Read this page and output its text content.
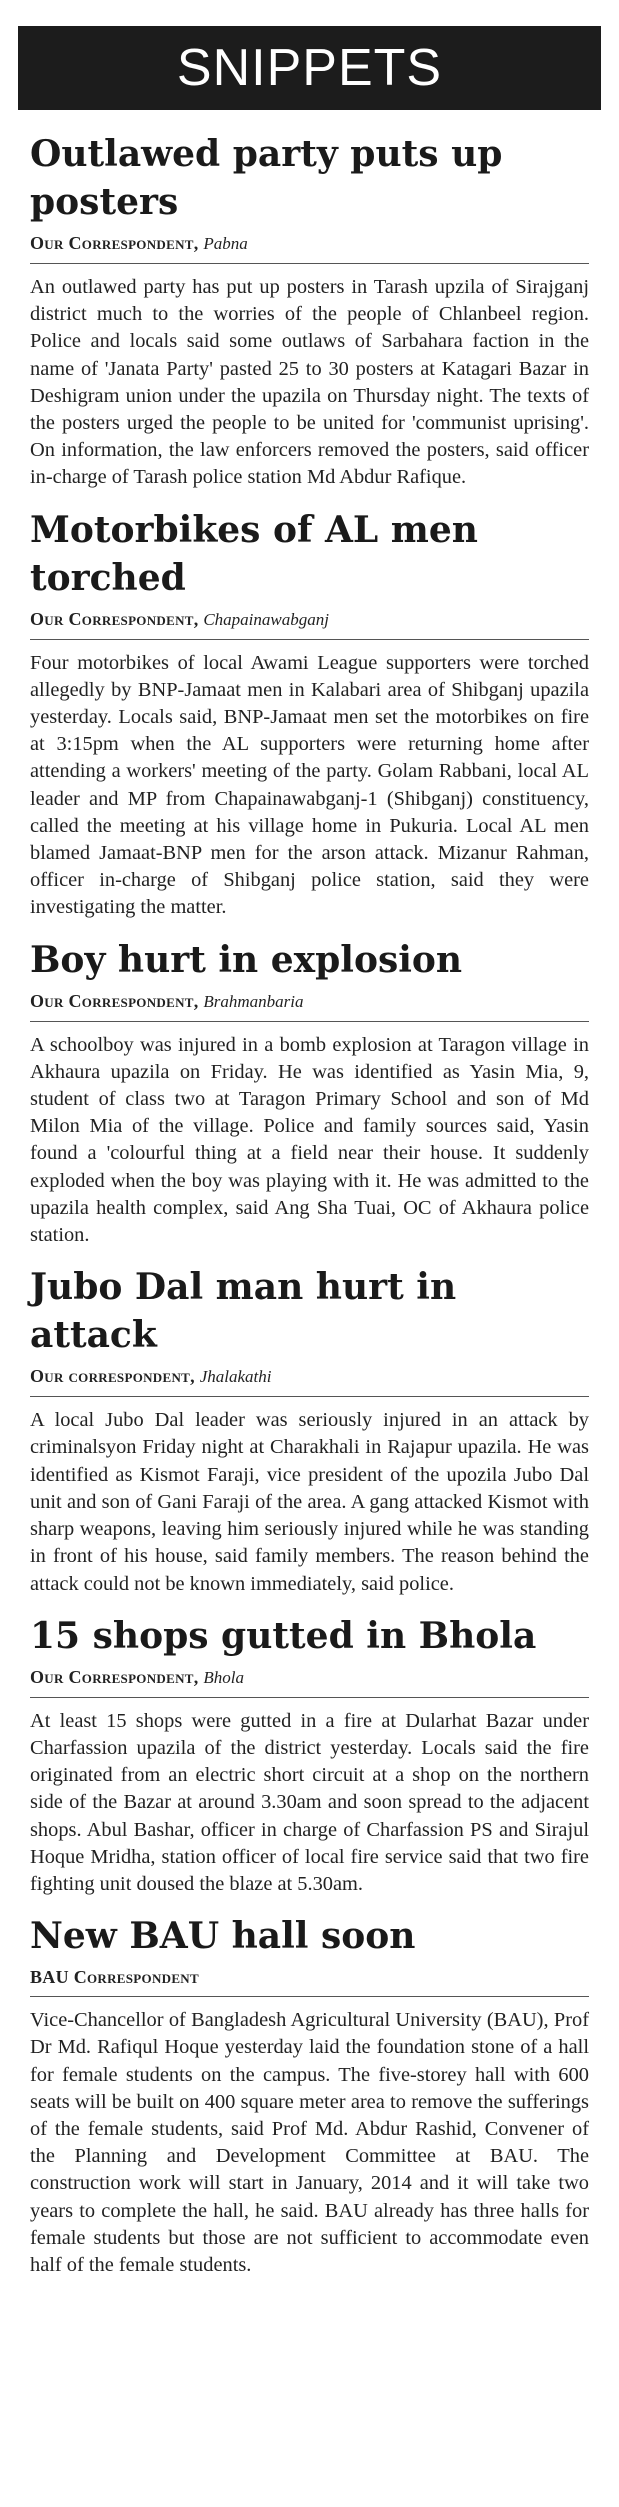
SNIPPETS
Outlawed party puts up posters
Our Correspondent, Pabna

An outlawed party has put up posters in Tarash upzila of Sirajganj district much to the worries of the people of Chlanbeel region. Police and locals said some outlaws of Sarbahara faction in the name of 'Janata Party' pasted 25 to 30 posters at Katagari Bazar in Deshigram union under the upazila on Thursday night. The texts of the posters urged the people to be united for 'communist uprising'. On information, the law enforcers removed the posters, said officer in-charge of Tarash police station Md Abdur Rafique.

Motorbikes of AL men torched
Our Correspondent, Chapainawabganj

Four motorbikes of local Awami League supporters were torched allegedly by BNP-Jamaat men in Kalabari area of Shibganj upazila yesterday. Locals said, BNP-Jamaat men set the motorbikes on fire at 3:15pm when the AL supporters were returning home after attending a workers' meeting of the party. Golam Rabbani, local AL leader and MP from Chapainawabganj-1 (Shibganj) constituency, called the meeting at his village home in Pukuria. Local AL men blamed Jamaat-BNP men for the arson attack. Mizanur Rahman, officer in-charge of Shibganj police station, said they were investigating the matter.

Boy hurt in explosion
Our Correspondent, Brahmanbaria

A schoolboy was injured in a bomb explosion at Taragon village in Akhaura upazila on Friday. He was identified as Yasin Mia, 9, student of class two at Taragon Primary School and son of Md Milon Mia of the village. Police and family sources said, Yasin found a 'colourful thing at a field near their house. It suddenly exploded when the boy was playing with it. He was admitted to the upazila health complex, said Ang Sha Tuai, OC of Akhaura police station.

Jubo Dal man hurt in attack
Our correspondent, Jhalakathi

A local Jubo Dal leader was seriously injured in an attack by criminalsyon Friday night at Charakhali in Rajapur upazila. He was identified as Kismot Faraji, vice president of the upozila Jubo Dal unit and son of Gani Faraji of the area. A gang attacked Kismot with sharp weapons, leaving him seriously injured while he was standing in front of his house, said family members. The reason behind the attack could not be known immediately, said police.

15 shops gutted in Bhola
Our Correspondent, Bhola

At least 15 shops were gutted in a fire at Dularhat Bazar under Charfassion upazila of the district yesterday. Locals said the fire originated from an electric short circuit at a shop on the northern side of the Bazar at around 3.30am and soon spread to the adjacent shops. Abul Bashar, officer in charge of Charfassion PS and Sirajul Hoque Mridha, station officer of local fire service said that two fire fighting unit doused the blaze at 5.30am.

New BAU hall soon
BAU Correspondent

Vice-Chancellor of Bangladesh Agricultural University (BAU), Prof Dr Md. Rafiqul Hoque yesterday laid the foundation stone of a hall for female students on the campus. The five-storey hall with 600 seats will be built on 400 square meter area to remove the sufferings of the female students, said Prof Md. Abdur Rashid, Convener of the Planning and Development Committee at BAU. The construction work will start in January, 2014 and it will take two years to complete the hall, he said. BAU already has three halls for female students but those are not sufficient to accommodate even half of the female students.
